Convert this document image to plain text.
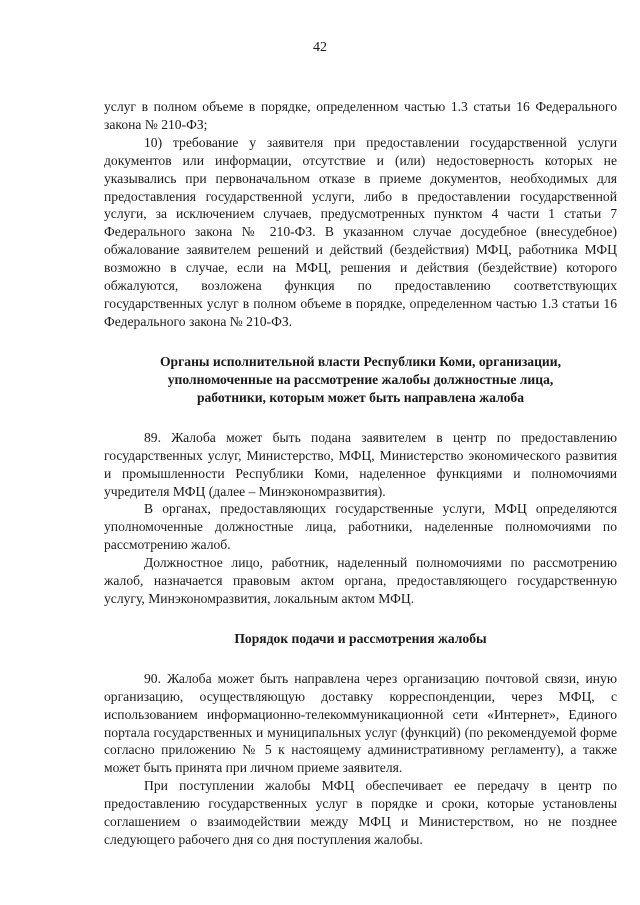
42

услуг в полном объеме в порядке, определенном частью 1.3 статьи 16 Федерального закона № 210-ФЗ;

10) требование у заявителя при предоставлении государственной услуги документов или информации, отсутствие и (или) недостоверность которых не указывались при первоначальном отказе в приеме документов, необходимых для предоставления государственной услуги, либо в предоставлении государственной услуги, за исключением случаев, предусмотренных пунктом 4 части 1 статьи 7 Федерального закона № 210-ФЗ. В указанном случае досудебное (внесудебное) обжалование заявителем решений и действий (бездействия) МФЦ, работника МФЦ возможно в случае, если на МФЦ, решения и действия (бездействие) которого обжалуются, возложена функция по предоставлению соответствующих государственных услуг в полном объеме в порядке, определенном частью 1.3 статьи 16 Федерального закона № 210-ФЗ.

Органы исполнительной власти Республики Коми, организации,

уполномоченные на рассмотрение жалобы должностные лица,

работники, которым может быть направлена жалоба

89. Жалоба может быть подана заявителем в центр по предоставлению государственных услуг, Министерство, МФЦ, Министерство экономического развития и промышленности Республики Коми, наделенное функциями и полномочиями учредителя МФЦ (далее – Минэкономразвития).

В органах, предоставляющих государственные услуги, МФЦ определяются уполномоченные должностные лица, работники, наделенные полномочиями по рассмотрению жалоб.

Должностное лицо, работник, наделенный полномочиями по рассмотрению жалоб, назначается правовым актом органа, предоставляющего государственную услугу, Минэкономразвития, локальным актом МФЦ.

Порядок подачи и рассмотрения жалобы

90. Жалоба может быть направлена через организацию почтовой связи, иную организацию, осуществляющую доставку корреспонденции, через МФЦ, с использованием информационно-телекоммуникационной сети «Интернет», Единого портала государственных и муниципальных услуг (функций) (по рекомендуемой форме согласно приложению № 5 к настоящему административному регламенту), а также может быть принята при личном приеме заявителя.

При поступлении жалобы МФЦ обеспечивает ее передачу в центр по предоставлению государственных услуг в порядке и сроки, которые установлены соглашением о взаимодействии между МФЦ и Министерством, но не позднее следующего рабочего дня со дня поступления жалобы.
